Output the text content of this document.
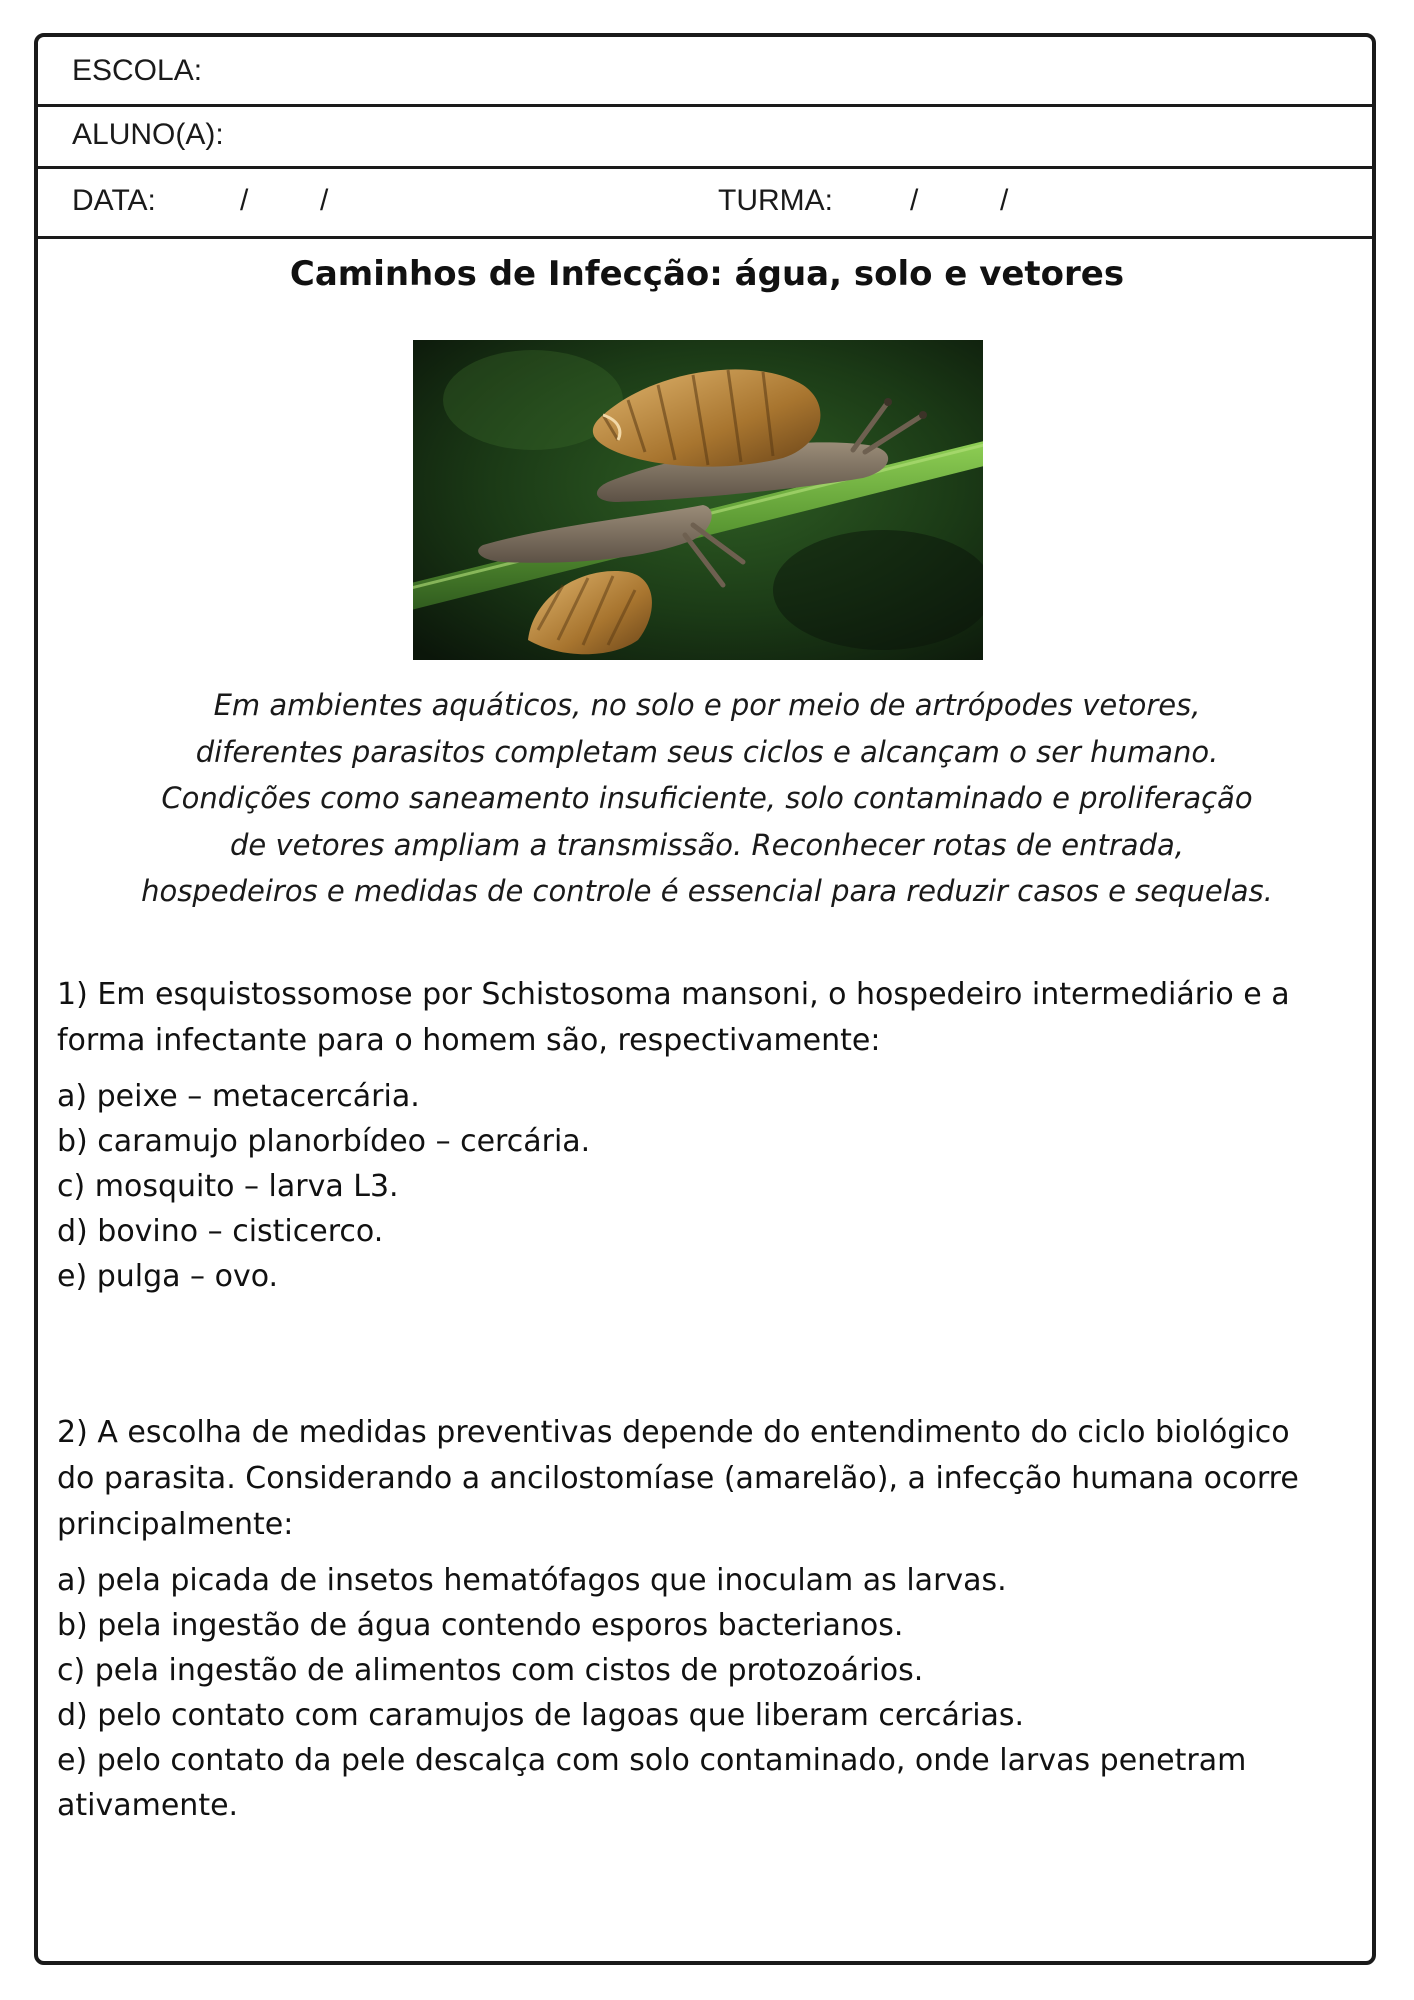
ESCOLA:
ALUNO(A):
DATA:	/ /	TURMA:	/	/
Caminhos de Infecção: água, solo e vetores
Em ambientes aquáticos, no solo e por meio de artrópodes vetores, diferentes parasitos completam seus ciclos e alcançam o ser humano. Condições como saneamento insuficiente, solo contaminado e proliferação de vetores ampliam a transmissão. Reconhecer rotas de entrada, hospedeiros e medidas de controle é essencial para reduzir casos e sequelas.
1) Em esquistossomose por Schistosoma mansoni, o hospedeiro intermediário e a forma infectante para o homem são, respectivamente:
a) peixe – metacercária.
b) caramujo planorbídeo – cercária.
c) mosquito – larva L3.
d) bovino – cisticerco.
e) pulga – ovo.
2) A escolha de medidas preventivas depende do entendimento do ciclo biológico do parasita. Considerando a ancilostomíase (amarelão), a infecção humana ocorre principalmente:
a) pela picada de insetos hematófagos que inoculam as larvas.
b) pela ingestão de água contendo esporos bacterianos.
c) pela ingestão de alimentos com cistos de protozoários.
d) pelo contato com caramujos de lagoas que liberam cercárias.
e) pelo contato da pele descalça com solo contaminado, onde larvas penetram ativamente.
